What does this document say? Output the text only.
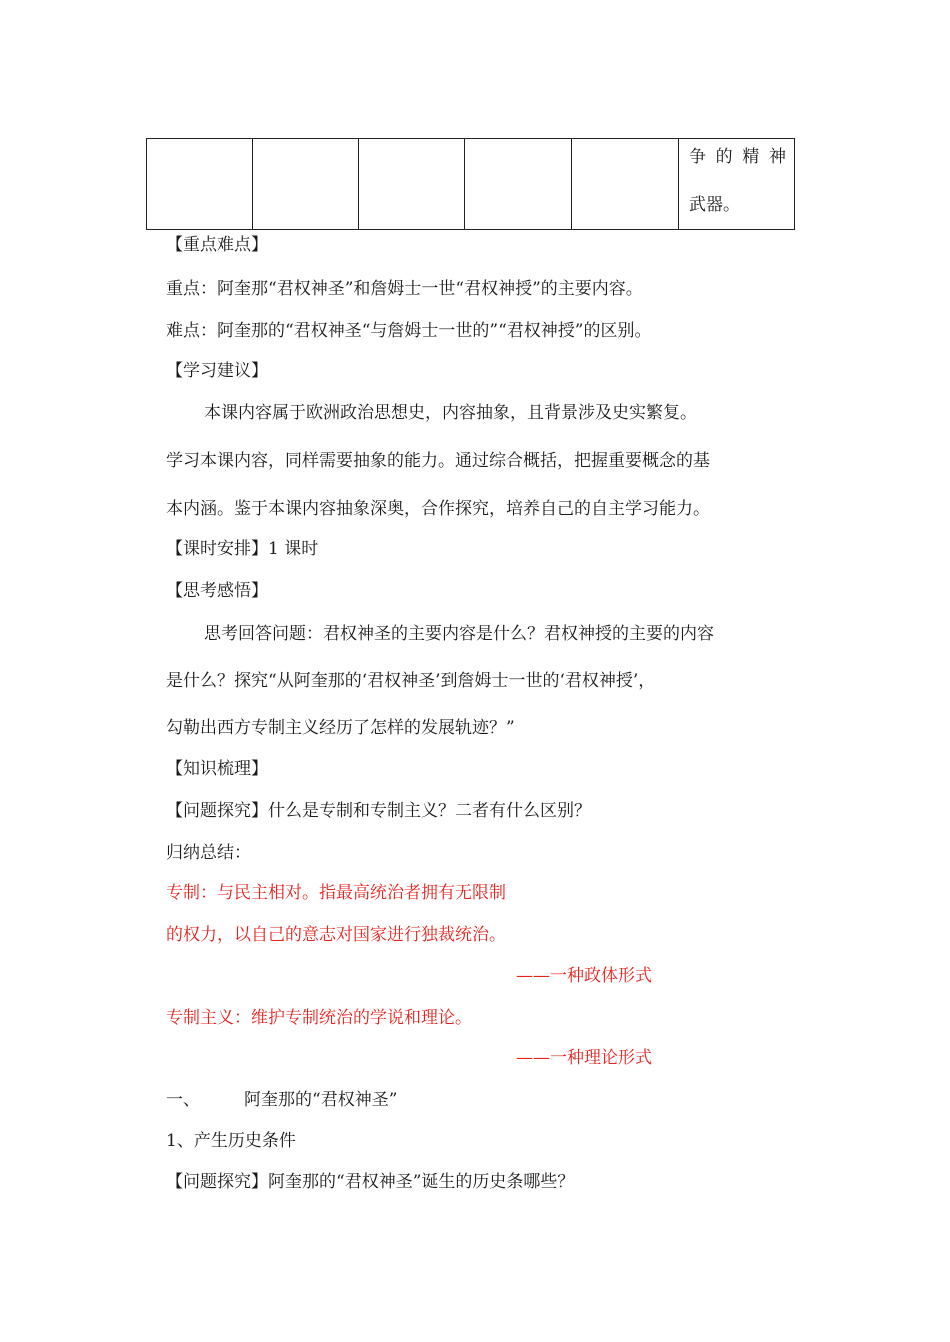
争的精神
武器。
【重点难点】
重点：阿奎那“君权神圣”和詹姆士一世“君权神授”的主要内容。
难点：阿奎那的“君权神圣“与詹姆士一世的”“君权神授”的区别。
【学习建议】
本课内容属于欧洲政治思想史，内容抽象，且背景涉及史实繁复。
学习本课内容，同样需要抽象的能力。通过综合概括，把握重要概念的基
本内涵。鉴于本课内容抽象深奥，合作探究，培养自己的自主学习能力。
【课时安排】1 课时
【思考感悟】
思考回答问题：君权神圣的主要内容是什么？君权神授的主要的内容
是什么？探究“从阿奎那的‘君权神圣’到詹姆士一世的‘君权神授’，
勾勒出西方专制主义经历了怎样的发展轨迹？”
【知识梳理】
【问题探究】什么是专制和专制主义？二者有什么区别？
归纳总结：
专制：与民主相对。指最高统治者拥有无限制
的权力，以自己的意志对国家进行独裁统治。
——一种政体形式
专制主义：维护专制统治的学说和理论。
——一种理论形式
一、	阿奎那的“君权神圣”
1、产生历史条件
【问题探究】阿奎那的“君权神圣”诞生的历史条哪些？
